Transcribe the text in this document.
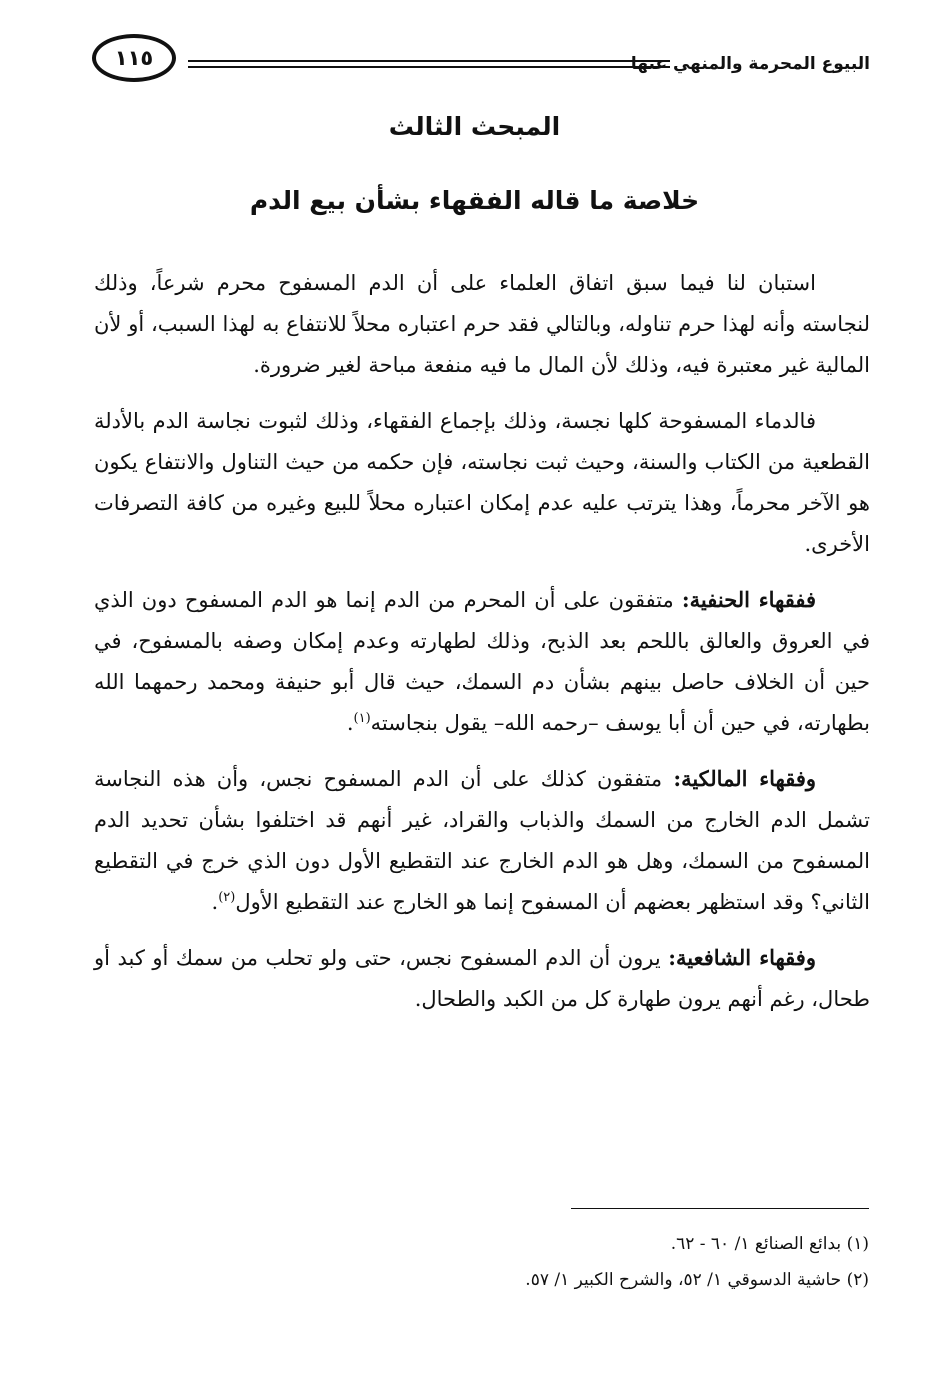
البيوع المحرمة والمنهي عنها
١١٥
المبحث الثالث
خلاصة ما قاله الفقهاء بشأن بيع الدم

استبان لنا فيما سبق اتفاق العلماء على أن الدم المسفوح محرم شرعاً، وذلك لنجاسته وأنه لهذا حرم تناوله، وبالتالي فقد حرم اعتباره محلاً للانتفاع به لهذا السبب، أو لأن المالية غير معتبرة فيه، وذلك لأن المال ما فيه منفعة مباحة لغير ضرورة.

فالدماء المسفوحة كلها نجسة، وذلك بإجماع الفقهاء، وذلك لثبوت نجاسة الدم بالأدلة القطعية من الكتاب والسنة، وحيث ثبت نجاسته، فإن حكمه من حيث التناول والانتفاع يكون هو الآخر محرماً، وهذا يترتب عليه عدم إمكان اعتباره محلاً للبيع وغيره من كافة التصرفات الأخرى.

ففقهاء الحنفية: متفقون على أن المحرم من الدم إنما هو الدم المسفوح دون الذي في العروق والعالق باللحم بعد الذبح، وذلك لطهارته وعدم إمكان وصفه بالمسفوح، في حين أن الخلاف حاصل بينهم بشأن دم السمك، حيث قال أبو حنيفة ومحمد رحمهما الله بطهارته، في حين أن أبا يوسف –رحمه الله– يقول بنجاسته$^{(١)}$.

وفقهاء المالكية: متفقون كذلك على أن الدم المسفوح نجس، وأن هذه النجاسة تشمل الدم الخارج من السمك والذباب والقراد، غير أنهم قد اختلفوا بشأن تحديد الدم المسفوح من السمك، وهل هو الدم الخارج عند التقطيع الأول دون الذي خرج في التقطيع الثاني؟ وقد استظهر بعضهم أن المسفوح إنما هو الخارج عند التقطيع الأول$^{(٢)}$.

وفقهاء الشافعية: يرون أن الدم المسفوح نجس، حتى ولو تحلب من سمك أو كبد أو طحال، رغم أنهم يرون طهارة كل من الكبد والطحال.

(١) بدائع الصنائع ١/ ٦٠ - ٦٢.
(٢) حاشية الدسوقي ١/ ٥٢، والشرح الكبير ١/ ٥٧.
